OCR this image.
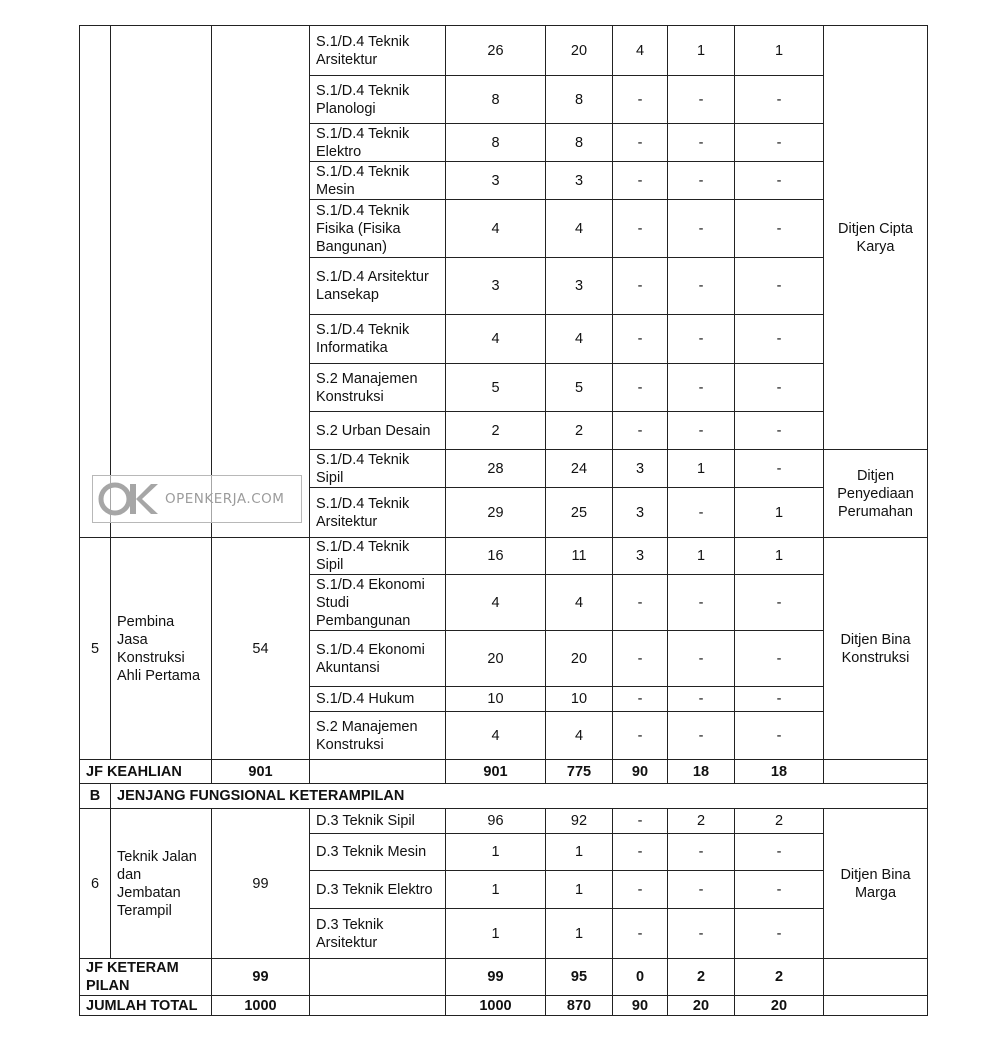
			S.1/D.4 Teknik Arsitektur	26	20	4	1	1	Ditjen Cipta Karya
			S.1/D.4 Teknik Planologi	8	8	-	-	-	
			S.1/D.4 Teknik Elektro	8	8	-	-	-	
			S.1/D.4 Teknik Mesin	3	3	-	-	-	
			S.1/D.4 Teknik Fisika (Fisika Bangunan)	4	4	-	-	-	
			S.1/D.4 Arsitektur Lansekap	3	3	-	-	-	
			S.1/D.4 Teknik Informatika	4	4	-	-	-	
			S.2 Manajemen Konstruksi	5	5	-	-	-	
			S.2 Urban Desain	2	2	-	-	-	
			S.1/D.4 Teknik Sipil	28	24	3	1	-	Ditjen Penyediaan Perumahan
			S.1/D.4 Teknik Arsitektur	29	25	3	-	1	
5	Pembina Jasa Konstruksi Ahli Pertama	54	S.1/D.4 Teknik Sipil	16	11	3	1	1	Ditjen Bina Konstruksi
			S.1/D.4 Ekonomi Studi Pembangunan	4	4	-	-	-	
			S.1/D.4 Ekonomi Akuntansi	20	20	-	-	-	
			S.1/D.4 Hukum	10	10	-	-	-	
			S.2 Manajemen Konstruksi	4	4	-	-	-	
JF KEAHLIAN		901		901	775	90	18	18	
B	JENJANG FUNGSIONAL KETERAMPILAN								
6	Teknik Jalan dan Jembatan Terampil	99	D.3 Teknik Sipil	96	92	-	2	2	Ditjen Bina Marga
			D.3 Teknik Mesin	1	1	-	-	-	
			D.3 Teknik Elektro	1	1	-	-	-	
			D.3 Teknik Arsitektur	1	1	-	-	-	
JF KETERAM PILAN		99		99	95	0	2	2	
JUMLAH TOTAL		1000		1000	870	90	20	20	
OPENKERJA.COM
